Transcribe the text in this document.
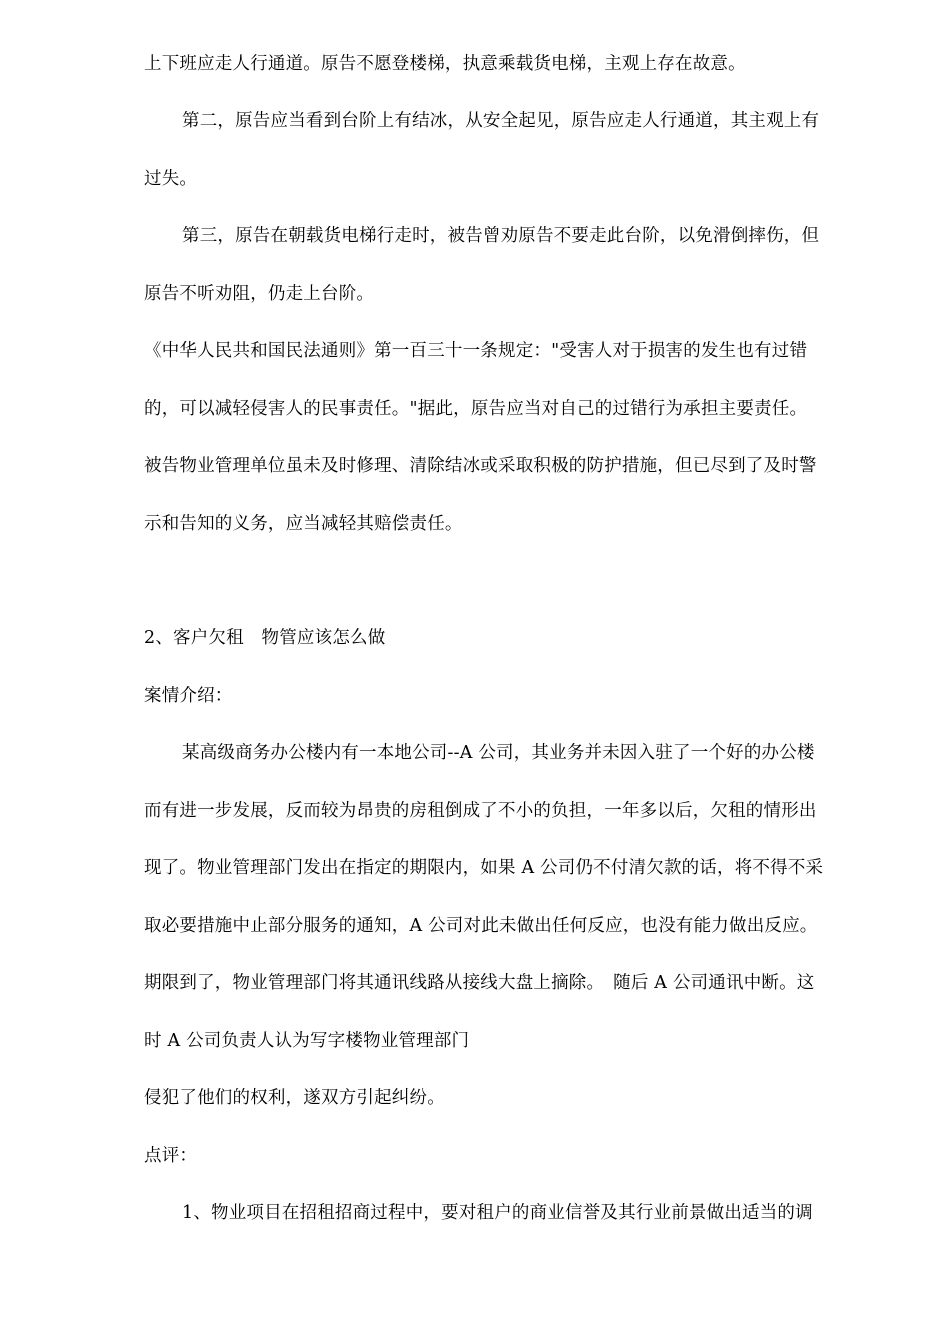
上下班应走人行通道。原告不愿登楼梯，执意乘载货电梯，主观上存在故意。
第二，原告应当看到台阶上有结冰，从安全起见，原告应走人行通道，其主观上有
过失。
第三，原告在朝载货电梯行走时，被告曾劝原告不要走此台阶，以免滑倒摔伤，但
原告不听劝阻，仍走上台阶。
《中华人民共和国民法通则》第一百三十一条规定："受害人对于损害的发生也有过错
的，可以减轻侵害人的民事责任。"据此，原告应当对自己的过错行为承担主要责任。
被告物业管理单位虽未及时修理、清除结冰或采取积极的防护措施，但已尽到了及时警
示和告知的义务，应当减轻其赔偿责任。
2、客户欠租　物管应该怎么做
案情介绍：
某高级商务办公楼内有一本地公司--A 公司，其业务并未因入驻了一个好的办公楼
而有进一步发展，反而较为昂贵的房租倒成了不小的负担，一年多以后，欠租的情形出
现了。物业管理部门发出在指定的期限内，如果 A 公司仍不付清欠款的话，将不得不采
取必要措施中止部分服务的通知，A 公司对此未做出任何反应，也没有能力做出反应。
期限到了，物业管理部门将其通讯线路从接线大盘上摘除。　随后 A 公司通讯中断。这
时 A 公司负责人认为写字楼物业管理部门
侵犯了他们的权利，遂双方引起纠纷。
点评：
1、物业项目在招租招商过程中，要对租户的商业信誉及其行业前景做出适当的调
